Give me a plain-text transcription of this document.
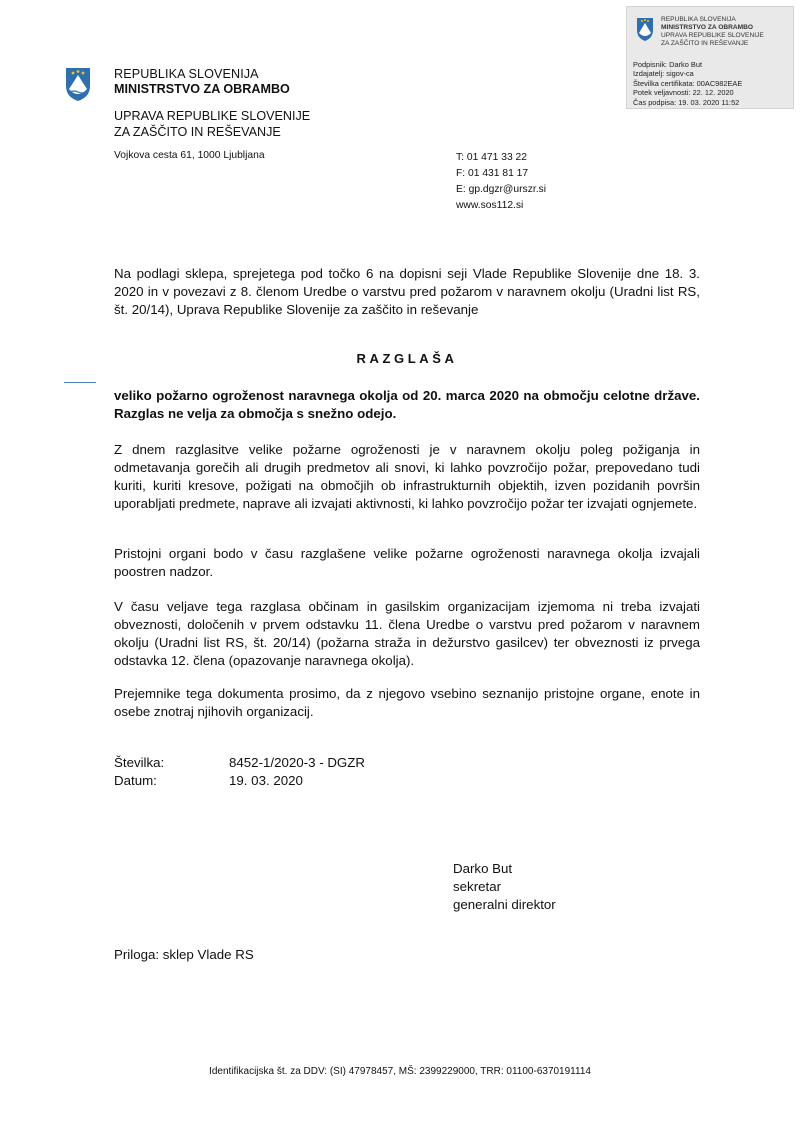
REPUBLIKA SLOVENIJA
MINISTRSTVO ZA OBRAMBO
UPRAVA REPUBLIKE SLOVENIJE
ZA ZAŠČITO IN REŠEVANJE
Podpisnik: Darko But
Izdajatelj: sigov-ca
Številka certifikata: 00AC982EAE
Potek veljavnosti: 22. 12. 2020
Čas podpisa: 19. 03. 2020 11:52
REPUBLIKA SLOVENIJA
MINISTRSTVO ZA OBRAMBO
UPRAVA REPUBLIKE SLOVENIJE
ZA ZAŠČITO IN REŠEVANJE
Vojkova cesta 61, 1000 Ljubljana	T: 01 471 33 22
F: 01 431 81 17
E: gp.dgzr@urszr.si
www.sos112.si
Na podlagi sklepa, sprejetega pod točko 6 na dopisni seji Vlade Republike Slovenije dne 18. 3. 2020 in v povezavi z 8. členom Uredbe o varstvu pred požarom v naravnem okolju (Uradni list RS, št. 20/14), Uprava Republike Slovenije za zaščito in reševanje
RAZGLAŠA
veliko požarno ogroženost naravnega okolja od 20. marca 2020 na območju celotne države. Razglas ne velja za območja s snežno odejo.
Z dnem razglasitve velike požarne ogroženosti je v naravnem okolju poleg požiganja in odmetavanja gorečih ali drugih predmetov ali snovi, ki lahko povzročijo požar, prepovedano tudi kuriti, kuriti kresove, požigati na območjih ob infrastrukturnih objektih, izven pozidanih površin uporabljati predmete, naprave ali izvajati aktivnosti, ki lahko povzročijo požar ter izvajati ognjemete.
Pristojni organi bodo v času razglašene velike požarne ogroženosti naravnega okolja izvajali poostren nadzor.
V času veljave tega razglasa občinam in gasilskim organizacijam izjemoma ni treba izvajati obveznosti, določenih v prvem odstavku 11. člena Uredbe o varstvu pred požarom v naravnem okolju (Uradni list RS, št. 20/14) (požarna straža in dežurstvo gasilcev) ter obveznosti iz prvega odstavka 12. člena (opazovanje naravnega okolja).
Prejemnike tega dokumenta prosimo, da z njegovo vsebino seznanijo pristojne organe, enote in osebe znotraj njihovih organizacij.
Številka:	8452-1/2020-3 - DGZR
Datum:	19. 03. 2020
Darko But
sekretar
generalni direktor
Priloga: sklep Vlade RS
Identifikacijska št. za DDV: (SI) 47978457, MŠ: 2399229000, TRR: 01100-6370191114
